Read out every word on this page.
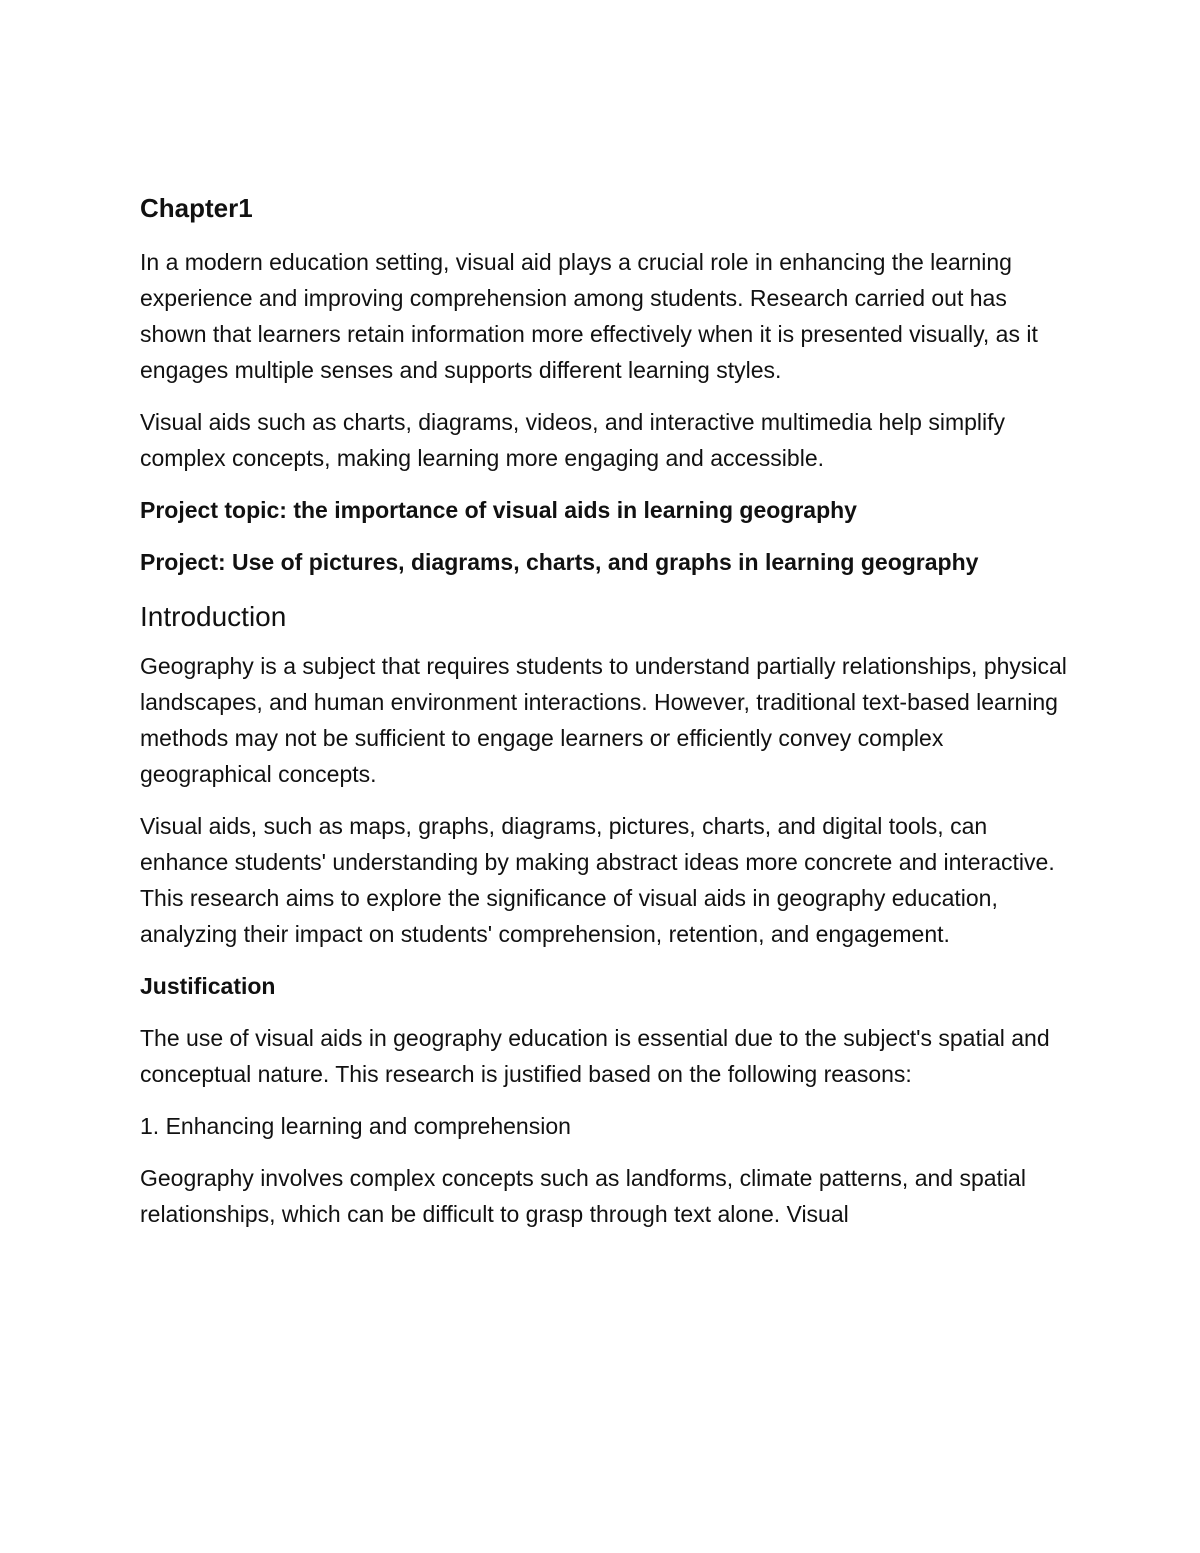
Chapter1

In a modern education setting, visual aid plays a crucial role in enhancing the learning experience and improving comprehension among students. Research carried out has shown that learners retain information more effectively when it is presented visually, as it engages multiple senses and supports different learning styles.

Visual aids such as charts, diagrams, videos, and interactive multimedia help simplify complex concepts, making learning more engaging and accessible.

Project topic: the importance of visual aids in learning geography

Project: Use of pictures, diagrams, charts, and graphs in learning geography

Introduction

Geography is a subject that requires students to understand partially relationships, physical landscapes, and human environment interactions. However, traditional text-based learning methods may not be sufficient to engage learners or efficiently convey complex geographical concepts.

Visual aids, such as maps, graphs, diagrams, pictures, charts, and digital tools, can enhance students' understanding by making abstract ideas more concrete and interactive. This research aims to explore the significance of visual aids in geography education, analyzing their impact on students' comprehension, retention, and engagement.

Justification

The use of visual aids in geography education is essential due to the subject's spatial and conceptual nature. This research is justified based on the following reasons:

1. Enhancing learning and comprehension

Geography involves complex concepts such as landforms, climate patterns, and spatial relationships, which can be difficult to grasp through text alone. Visual
